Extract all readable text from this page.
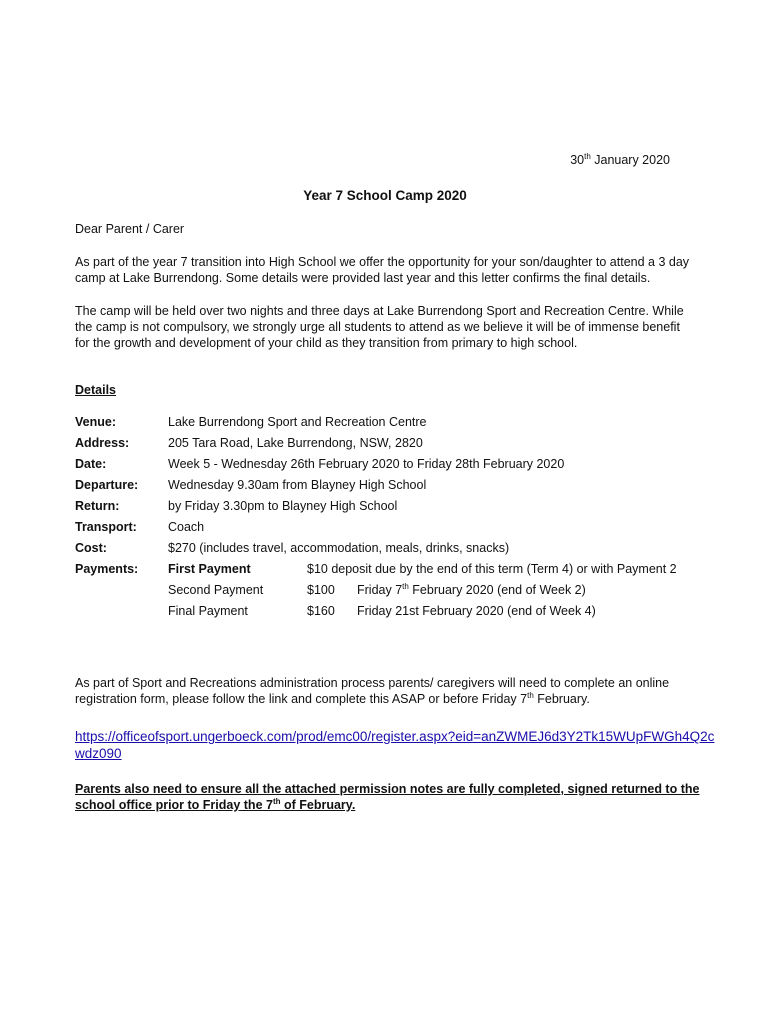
30th January 2020
Year 7 School Camp 2020
Dear Parent / Carer
As part of the year 7 transition into High School we offer the opportunity for your son/daughter to attend a 3 day camp at Lake Burrendong. Some details were provided last year and this letter confirms the final details.
The camp will be held over two nights and three days at Lake Burrendong Sport and Recreation Centre. While the camp is not compulsory, we strongly urge all students to attend as we believe it will be of immense benefit for the growth and development of your child as they transition from primary to high school.
Details
Venue:	Lake Burrendong Sport and Recreation Centre
Address:	205 Tara Road, Lake Burrendong, NSW, 2820
Date:	Week 5 - Wednesday 26th February 2020 to Friday 28th February 2020
Departure: Wednesday 9.30am from Blayney High School
Return:	by Friday 3.30pm to Blayney High School
Transport: Coach
Cost:	$270 (includes travel, accommodation, meals, drinks, snacks)
Payments: First Payment	$10 deposit due by the end of this term (Term 4) or with Payment 2
Second Payment	$100 Friday 7th February 2020 (end of Week 2)
Final Payment	$160 Friday 21st February 2020 (end of Week 4)
As part of Sport and Recreations administration process parents/ caregivers will need to complete an online registration form, please follow the link and complete this ASAP or before Friday 7th February.
https://officeofsport.ungerboeck.com/prod/emc00/register.aspx?eid=anZWMEJ6d3Y2Tk15WUpFWGh4Q2cwdz090
Parents also need to ensure all the attached permission notes are fully completed, signed returned to the school office prior to Friday the 7th of February.
